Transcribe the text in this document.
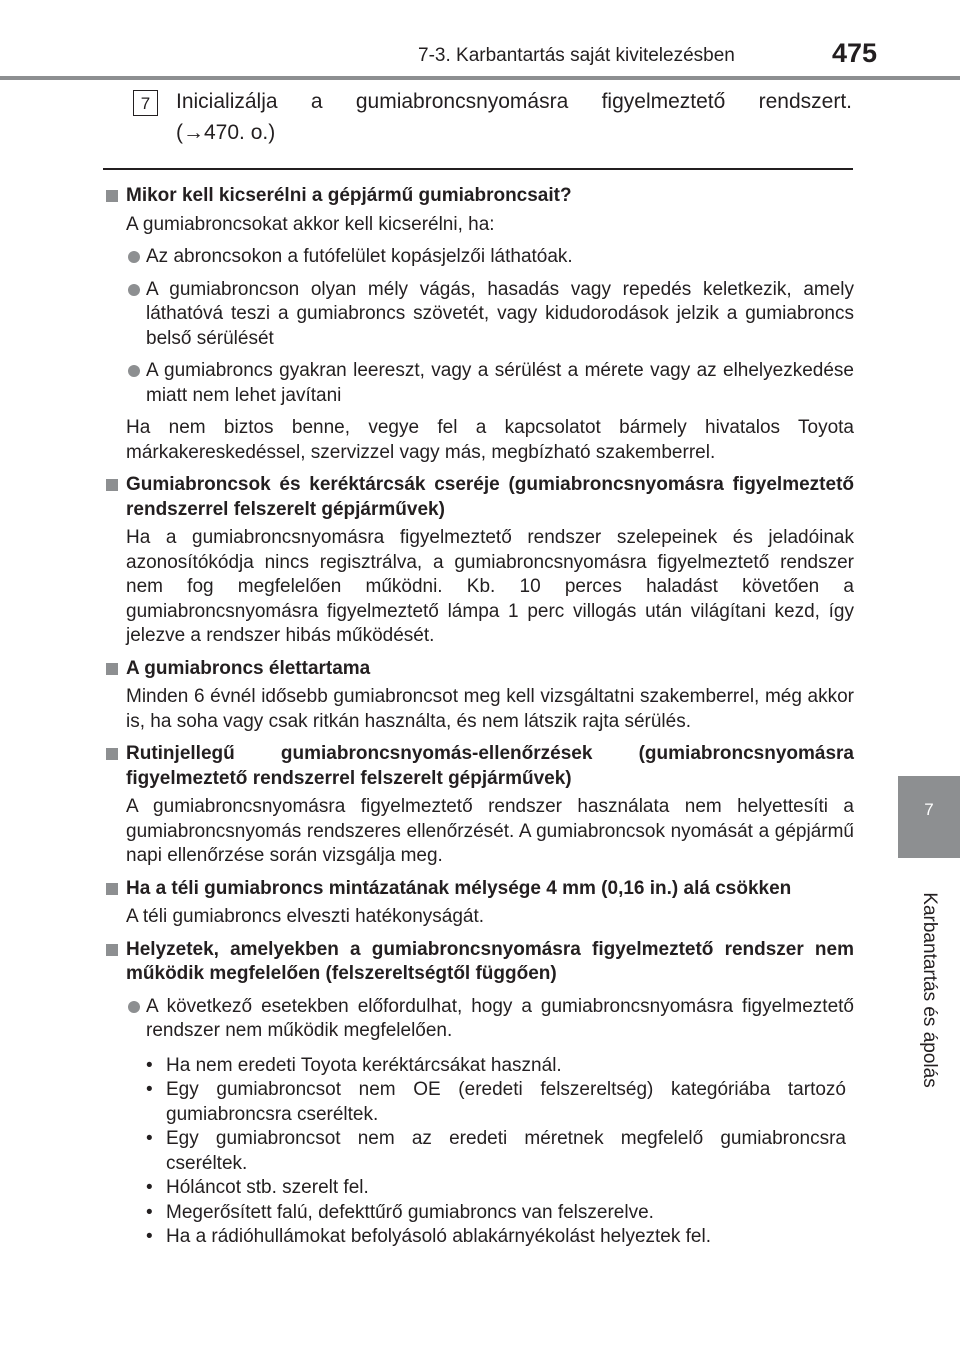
7-3. Karbantartás saját kivitelezésben	475
7
Karbantartás és ápolás
7	Inicializálja a gumiabroncsnyomásra figyelmeztető rendszert.
(→470. o.)
Mikor kell kicserélni a gépjármű gumiabroncsait?
A gumiabroncsokat akkor kell kicserélni, ha:
Az abroncsokon a futófelület kopásjelzői láthatóak.
A gumiabroncson olyan mély vágás, hasadás vagy repedés keletkezik, amely láthatóvá teszi a gumiabroncs szövetét, vagy kidudorodások jelzik a gumiabroncs belső sérülését
A gumiabroncs gyakran leereszt, vagy a sérülést a mérete vagy az elhelyezkedése miatt nem lehet javítani
Ha nem biztos benne, vegye fel a kapcsolatot bármely hivatalos Toyota márkakereskedéssel, szervizzel vagy más, megbízható szakemberrel.
Gumiabroncsok és keréktárcsák cseréje (gumiabroncsnyomásra figyelmeztető rendszerrel felszerelt gépjárművek)
Ha a gumiabroncsnyomásra figyelmeztető rendszer szelepeinek és jeladóinak azonosítókódja nincs regisztrálva, a gumiabroncsnyomásra figyelmeztető rendszer nem fog megfelelően működni. Kb. 10 perces haladást követően a gumiabroncsnyomásra figyelmeztető lámpa 1 perc villogás után világítani kezd, így jelezve a rendszer hibás működését.
A gumiabroncs élettartama
Minden 6 évnél idősebb gumiabroncsot meg kell vizsgáltatni szakemberrel, még akkor is, ha soha vagy csak ritkán használta, és nem látszik rajta sérülés.
Rutinjellegű gumiabroncsnyomás-ellenőrzések (gumiabroncsnyomásra figyelmeztető rendszerrel felszerelt gépjárművek)
A gumiabroncsnyomásra figyelmeztető rendszer használata nem helyettesíti a gumiabroncsnyomás rendszeres ellenőrzését. A gumiabroncsok nyomását a gépjármű napi ellenőrzése során vizsgálja meg.
Ha a téli gumiabroncs mintázatának mélysége 4 mm (0,16 in.) alá csökken
A téli gumiabroncs elveszti hatékonyságát.
Helyzetek, amelyekben a gumiabroncsnyomásra figyelmeztető rendszer nem működik megfelelően (felszereltségtől függően)
A következő esetekben előfordulhat, hogy a gumiabroncsnyomásra figyelmeztető rendszer nem működik megfelelően.
• Ha nem eredeti Toyota keréktárcsákat használ.
• Egy gumiabroncsot nem OE (eredeti felszereltség) kategóriába tartozó gumiabroncsra cseréltek.
• Egy gumiabroncsot nem az eredeti méretnek megfelelő gumiabroncsra cseréltek.
• Hóláncot stb. szerelt fel.
• Megerősített falú, defekttűrő gumiabroncs van felszerelve.
• Ha a rádióhullámokat befolyásoló ablakárnyékolást helyeztek fel.
